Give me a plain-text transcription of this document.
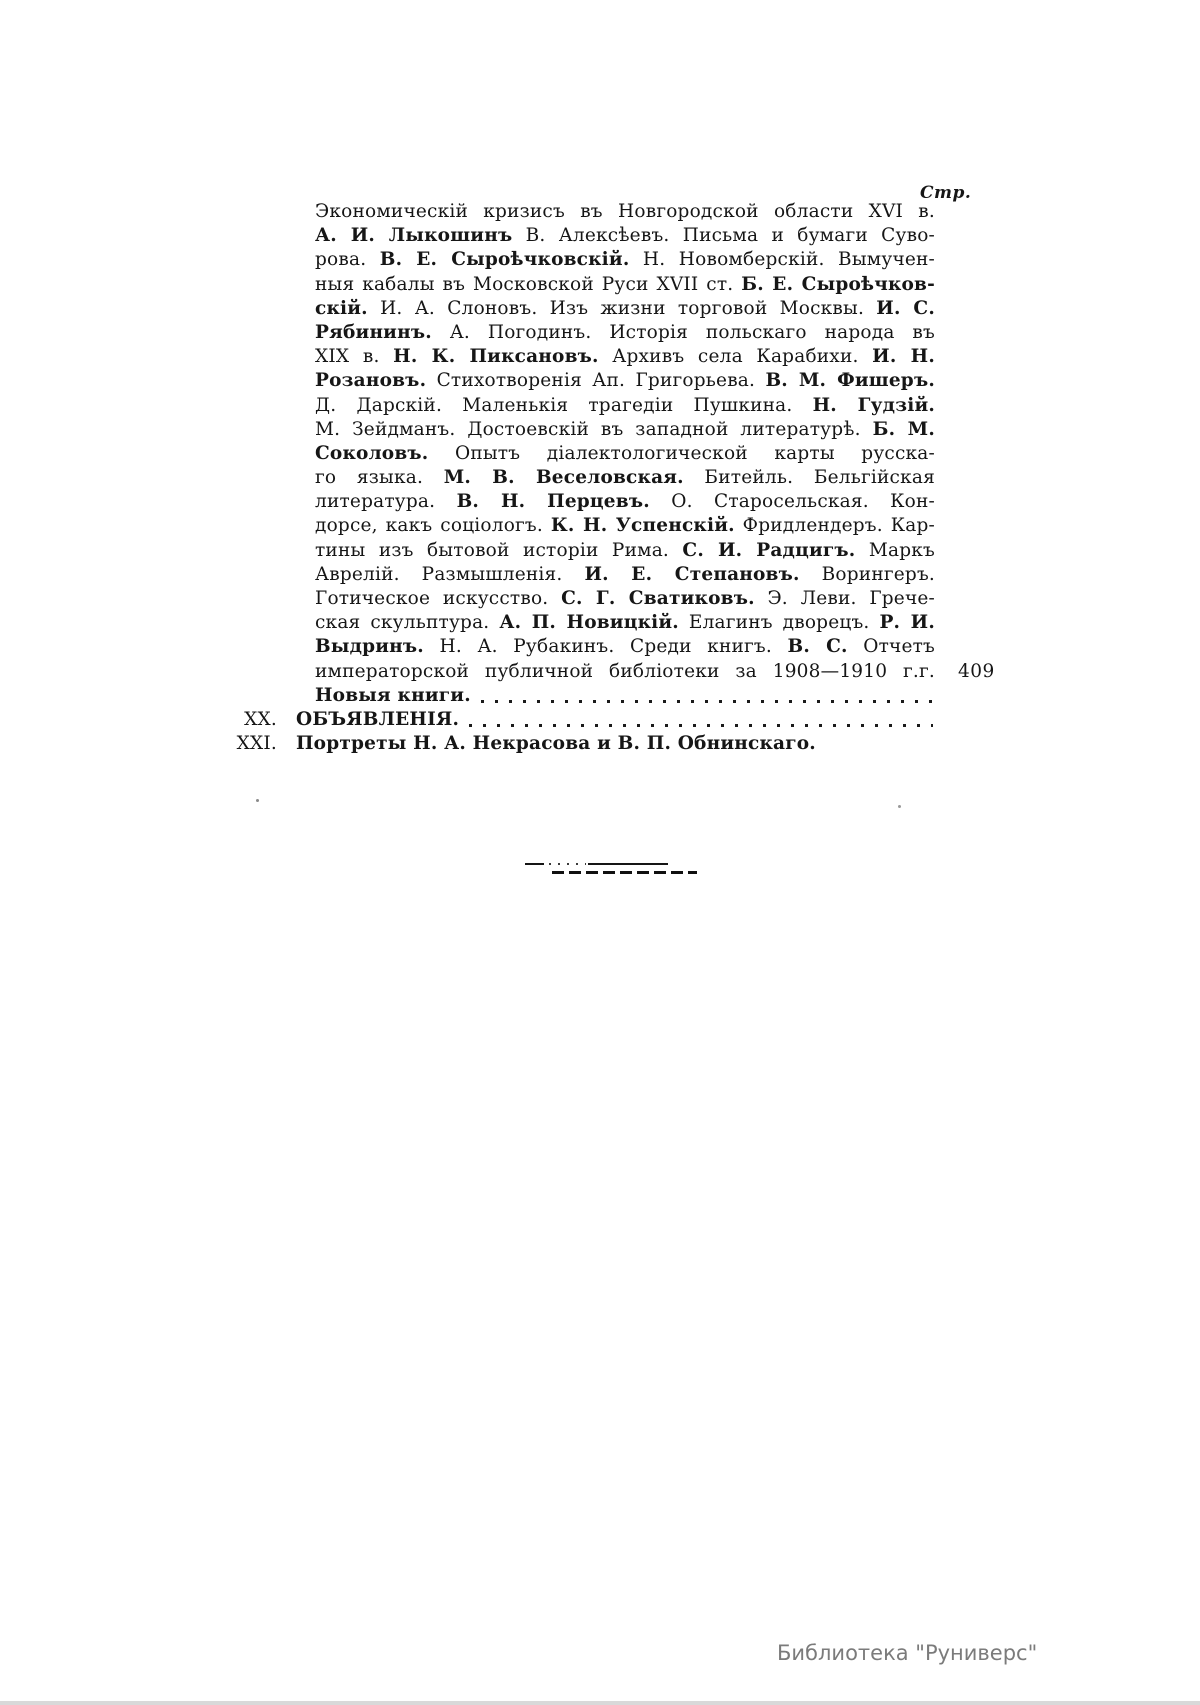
Стр.
Экономическій кризисъ въ Новгородской области XVI в.
А. И. Лыкошинъ В. Алексѣевъ. Письма и бумаги Суво-
рова. В. Е. Сыроѣчковскій. Н. Новомберскій. Вымучен-
ныя кабалы въ Московской Руси XVII ст. Б. Е. Сыроѣчков-
скій. И. А. Слоновъ. Изъ жизни торговой Москвы. И. С.
Рябининъ. А. Погодинъ. Исторія польскаго народа въ
XIX в. Н. К. Пиксановъ. Архивъ села Карабихи. И. Н.
Розановъ. Стихотворенія Ап. Григорьева. В. М. Фишеръ.
Д. Дарскій. Маленькія трагедіи Пушкина. Н. Гудзій.
М. Зейдманъ. Достоевскій въ западной литературѣ. Б. М.
Соколовъ. Опытъ діалектологической карты русска-
го языка. М. В. Веселовская. Битейль. Бельгійская
литература. В. Н. Перцевъ. О. Старосельская. Кон-
дорсе, какъ соціологъ. К. Н. Успенскій. Фридлендеръ. Кар-
тины изъ бытовой исторіи Рима. С. И. Радцигъ. Маркъ
Аврелій. Размышленія. И. Е. Степановъ. Ворингеръ.
Готическое искусство. С. Г. Сватиковъ. Э. Леви. Грече-
ская скульптура. А. П. Новицкій. Елагинъ дворецъ. Р. И.
Выдринъ. Н. А. Рубакинъ. Среди книгъ. В. С. Отчетъ
императорской публичной библіотеки за 1908—1910 г.г.
Новыя книги.
409
XX. ОБЪЯВЛЕНІЯ.
XXI. Портреты Н. А. Некрасова и В. П. Обнинскаго.
Библиотека "Руниверс"
